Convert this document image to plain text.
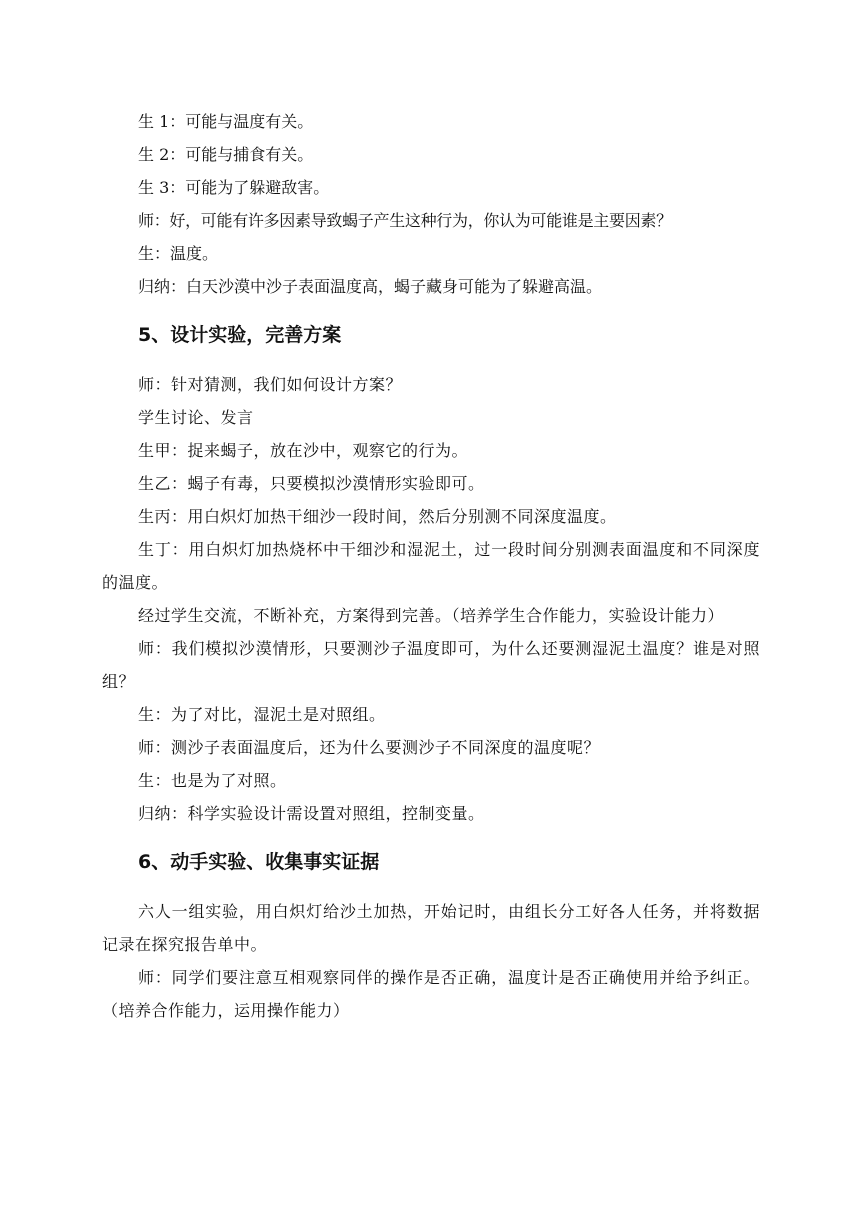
生 1：可能与温度有关。

生 2：可能与捕食有关。

生 3：可能为了躲避敌害。

师：好，可能有许多因素导致蝎子产生这种行为，你认为可能谁是主要因素？

生：温度。

归纳：白天沙漠中沙子表面温度高，蝎子藏身可能为了躲避高温。

5、设计实验，完善方案

师：针对猜测，我们如何设计方案？

学生讨论、发言

生甲：捉来蝎子，放在沙中，观察它的行为。

生乙：蝎子有毒，只要模拟沙漠情形实验即可。

生丙：用白炽灯加热干细沙一段时间，然后分别测不同深度温度。

生丁：用白炽灯加热烧杯中干细沙和湿泥土，过一段时间分别测表面温度和不同深度的温度。

经过学生交流，不断补充，方案得到完善。（培养学生合作能力，实验设计能力）

师：我们模拟沙漠情形，只要测沙子温度即可，为什么还要测湿泥土温度？谁是对照组？

生：为了对比，湿泥土是对照组。

师：测沙子表面温度后，还为什么要测沙子不同深度的温度呢？

生：也是为了对照。

归纳：科学实验设计需设置对照组，控制变量。

6、动手实验、收集事实证据

六人一组实验，用白炽灯给沙土加热，开始记时，由组长分工好各人任务，并将数据记录在探究报告单中。

师：同学们要注意互相观察同伴的操作是否正确，温度计是否正确使用并给予纠正。（培养合作能力，运用操作能力）
